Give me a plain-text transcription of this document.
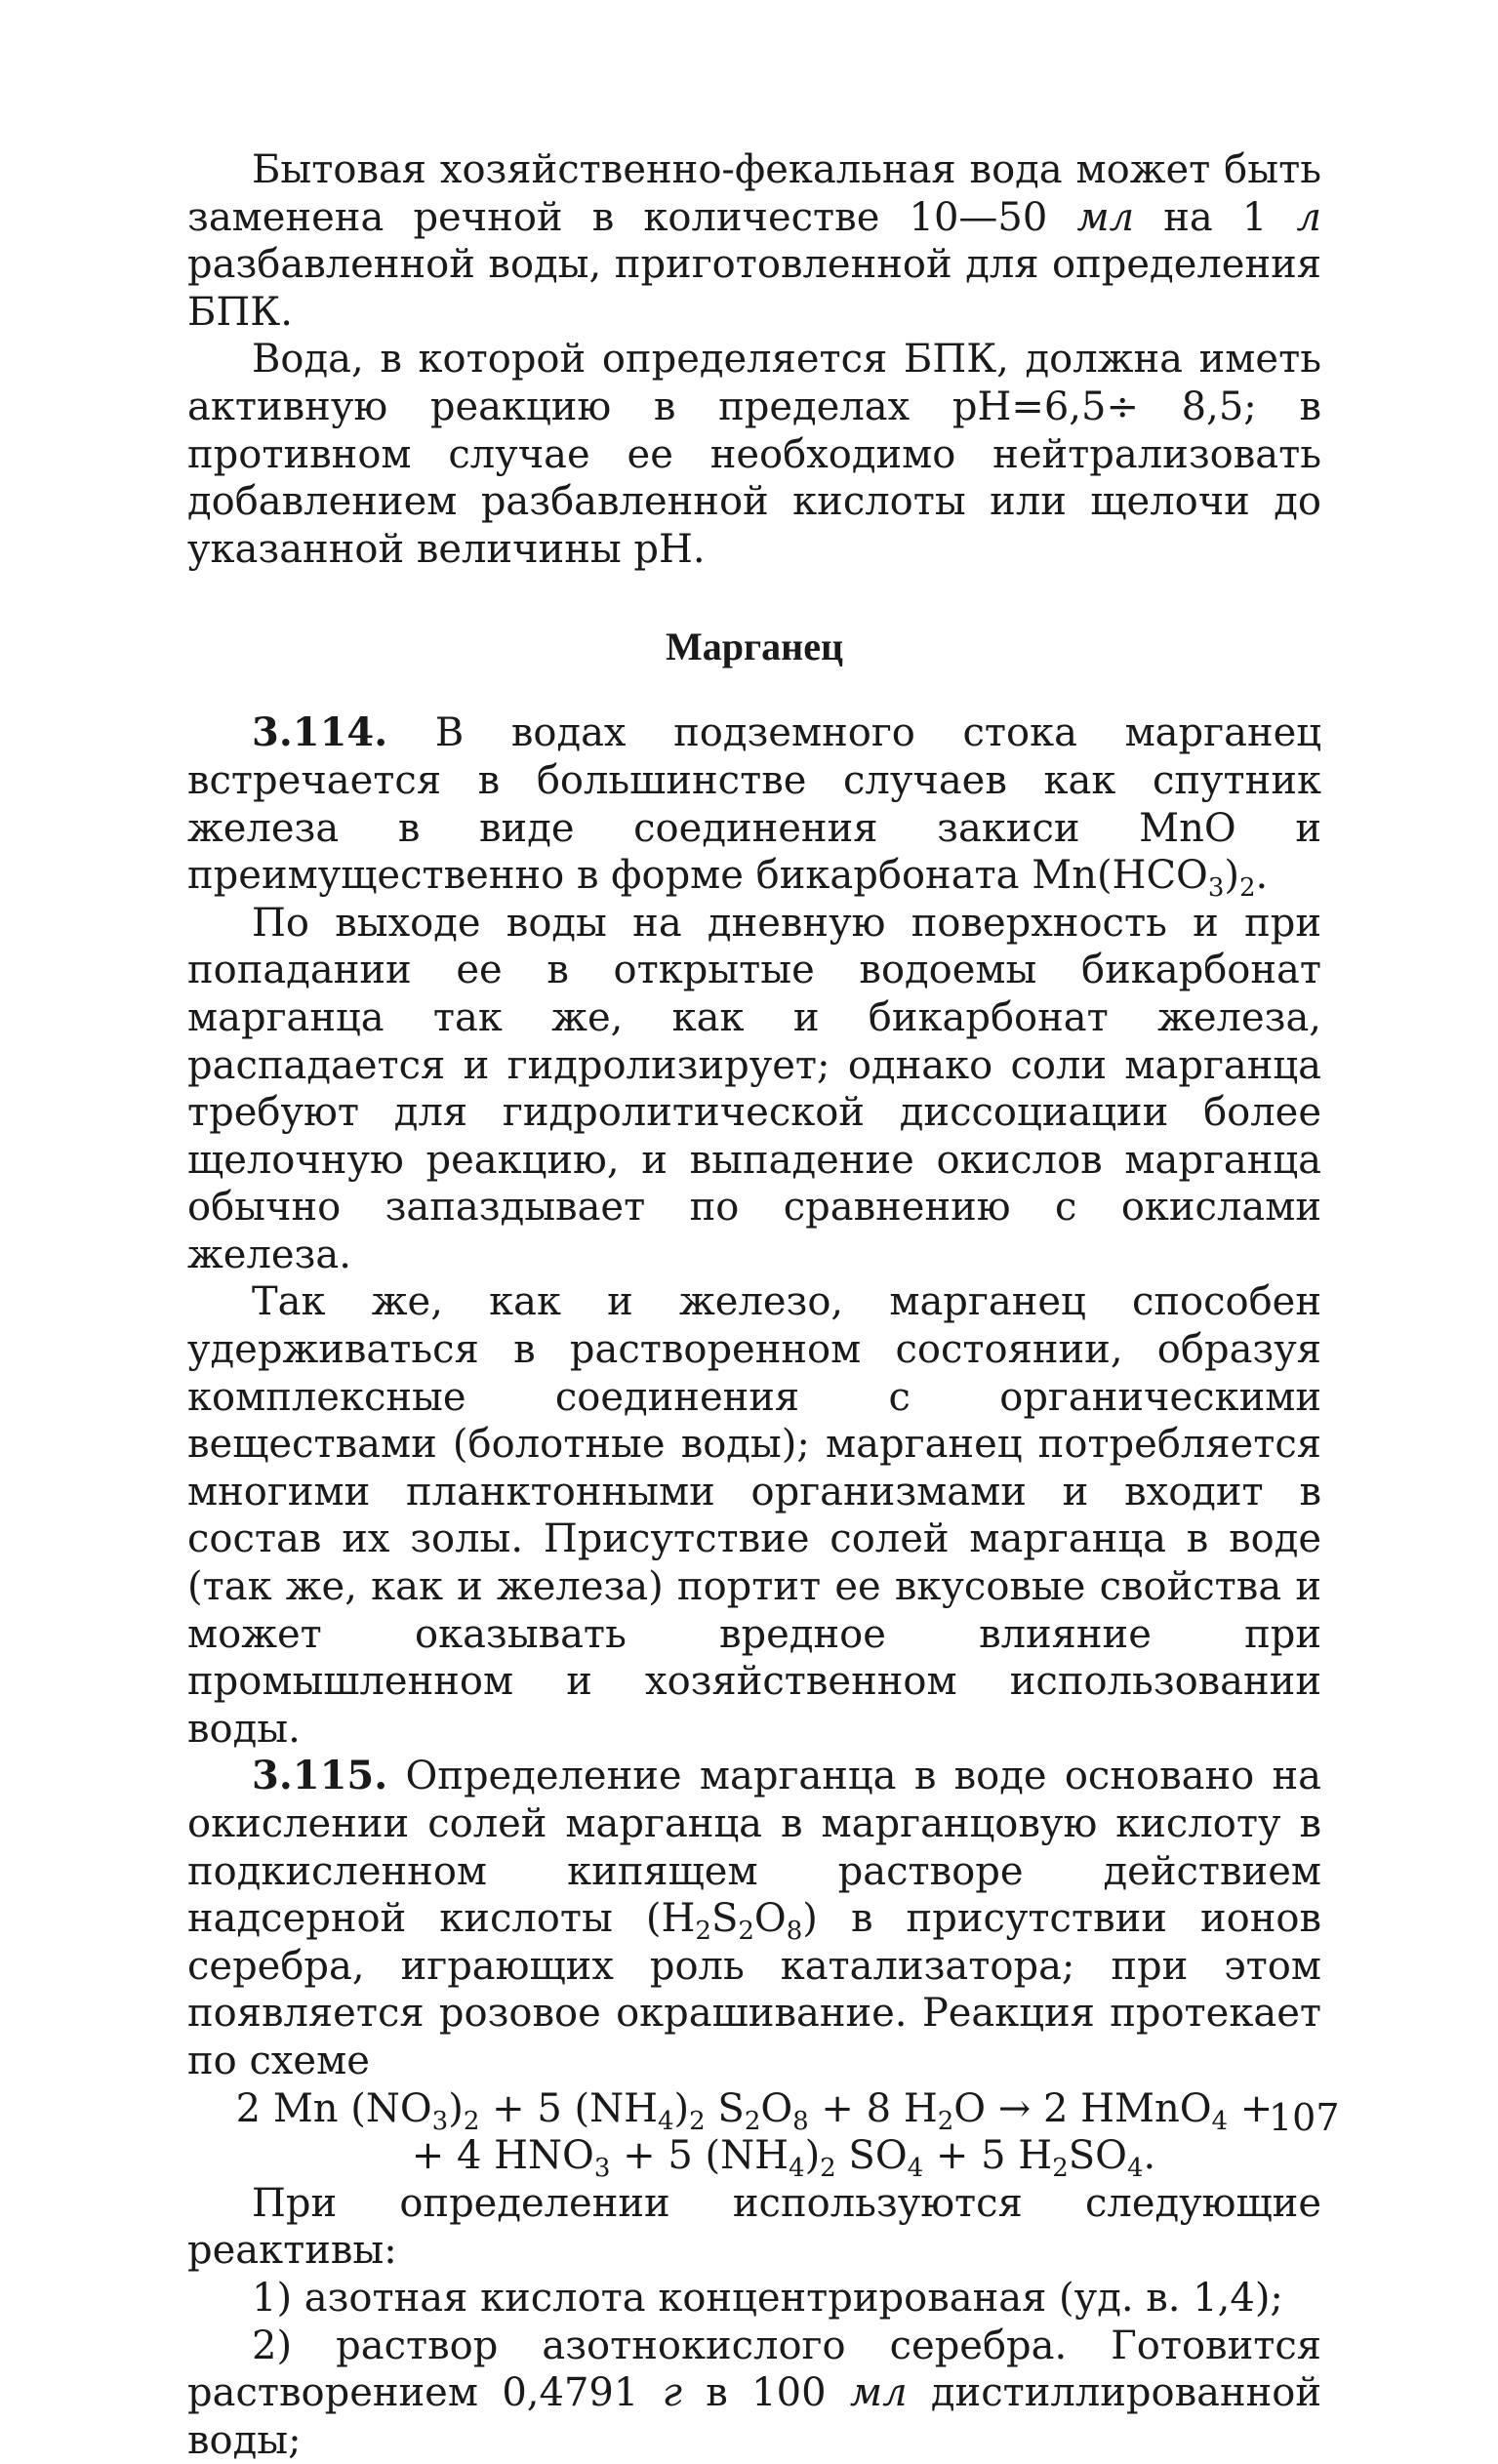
Бытовая хозяйственно-фекальная вода может быть заменена речной в количестве 10—50 мл на 1 л разбавленной воды, приготовленной для определения БПК.

Вода, в которой определяется БПК, должна иметь активную реакцию в пределах pH=6,5÷ 8,5; в противном случае ее необходимо нейтрализовать добавлением разбавленной кислоты или щелочи до указанной величины pH.

Марганец

3.114. В водах подземного стока марганец встречается в большинстве случаев как спутник железа в виде соединения закиси MnO и преимущественно в форме бикарбоната $Mn(HCO_3)_2$.

По выходе воды на дневную поверхность и при попадании ее в открытые водоемы бикарбонат марганца так же, как и бикарбонат железа, распадается и гидролизирует; однако соли марганца требуют для гидролитической диссоциации более щелочную реакцию, и выпадение окислов марганца обычно запаздывает по сравнению с окислами железа.

Так же, как и железо, марганец способен удерживаться в растворенном состоянии, образуя комплексные соединения с органическими веществами (болотные воды); марганец потребляется многими планктонными организмами и входит в состав их золы. Присутствие солей марганца в воде (так же, как и железа) портит ее вкусовые свойства и может оказывать вредное влияние при промышленном и хозяйственном использовании воды.

3.115. Определение марганца в воде основано на окислении солей марганца в марганцовую кислоту в подкисленном кипящем растворе действием надсерной кислоты $(H_2S_2O_8)$ в присутствии ионов серебра, играющих роль катализатора; при этом появляется розовое окрашивание. Реакция протекает по схеме

2 Mn $(NO_3)_2 + 5$ $(NH_4)_2$ $S_2O_8 + 8$ $H_2O \to 2$ HMnO$_4$ +
+ 4 $HNO_3 + 5$ $(NH_4)_2$ $SO_4 + 5$ $H_2SO_4$.

При определении используются следующие реактивы:

1) азотная кислота концентрированая (уд. в. 1,4);

2) раствор азотнокислого серебра. Готовится растворением 0,4791 г в 100 мл дистиллированной воды;

107
